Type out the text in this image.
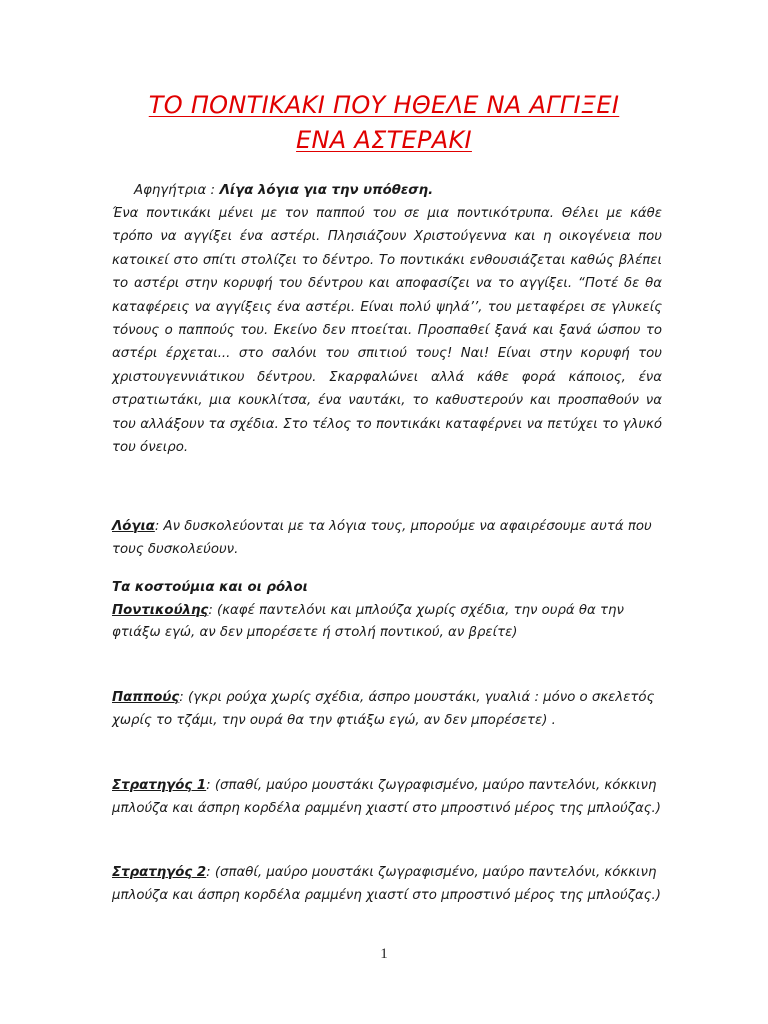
ΤΟ ΠΟΝΤΙΚΑΚΙ ΠΟΥ ΗΘΕΛΕ ΝΑ ΑΓΓΙΞΕΙ
ΕΝΑ ΑΣΤΕΡΑΚΙ
Αφηγήτρια : Λίγα λόγια για την υπόθεση.
Ένα ποντικάκι μένει με τον παππού του σε μια ποντικότρυπα. Θέλει με κάθε τρόπο να αγγίξει ένα αστέρι. Πλησιάζουν Χριστούγεννα και η οικογένεια που κατοικεί στο σπίτι στολίζει το δέντρο. Το ποντικάκι ενθουσιάζεται καθώς βλέπει το αστέρι στην κορυφή του δέντρου και αποφασίζει να το αγγίξει. “Ποτέ δε θα καταφέρεις να αγγίξεις ένα αστέρι. Είναι πολύ ψηλά’’, του μεταφέρει σε γλυκείς τόνους ο παππούς του. Εκείνο δεν πτοείται. Προσπαθεί ξανά και ξανά ώσπου το αστέρι έρχεται... στο σαλόνι του σπιτιού τους! Ναι! Είναι στην κορυφή του χριστουγεννιάτικου δέντρου. Σκαρφαλώνει αλλά κάθε φορά κάποιος, ένα στρατιωτάκι, μια κουκλίτσα, ένα ναυτάκι, το καθυστερούν και προσπαθούν να του αλλάξουν τα σχέδια. Στο τέλος το ποντικάκι καταφέρνει να πετύχει το γλυκό του όνειρο.
Λόγια: Αν δυσκολεύονται με τα λόγια τους, μπορούμε να αφαιρέσουμε αυτά που τους δυσκολεύουν.
Τα κοστούμια και οι ρόλοι
Ποντικούλης: (καφέ παντελόνι και μπλούζα χωρίς σχέδια, την ουρά θα την φτιάξω εγώ, αν δεν μπορέσετε ή στολή ποντικού, αν βρείτε)
Παππούς: (γκρι ρούχα χωρίς σχέδια, άσπρο μουστάκι, γυαλιά : μόνο ο σκελετός χωρίς το τζάμι, την ουρά θα την φτιάξω εγώ, αν δεν μπορέσετε) .
Στρατηγός 1: (σπαθί, μαύρο μουστάκι ζωγραφισμένο, μαύρο παντελόνι, κόκκινη μπλούζα και άσπρη κορδέλα ραμμένη χιαστί στο μπροστινό μέρος της μπλούζας.)
Στρατηγός 2: (σπαθί, μαύρο μουστάκι ζωγραφισμένο, μαύρο παντελόνι, κόκκινη μπλούζα και άσπρη κορδέλα ραμμένη χιαστί στο μπροστινό μέρος της μπλούζας.)
1
